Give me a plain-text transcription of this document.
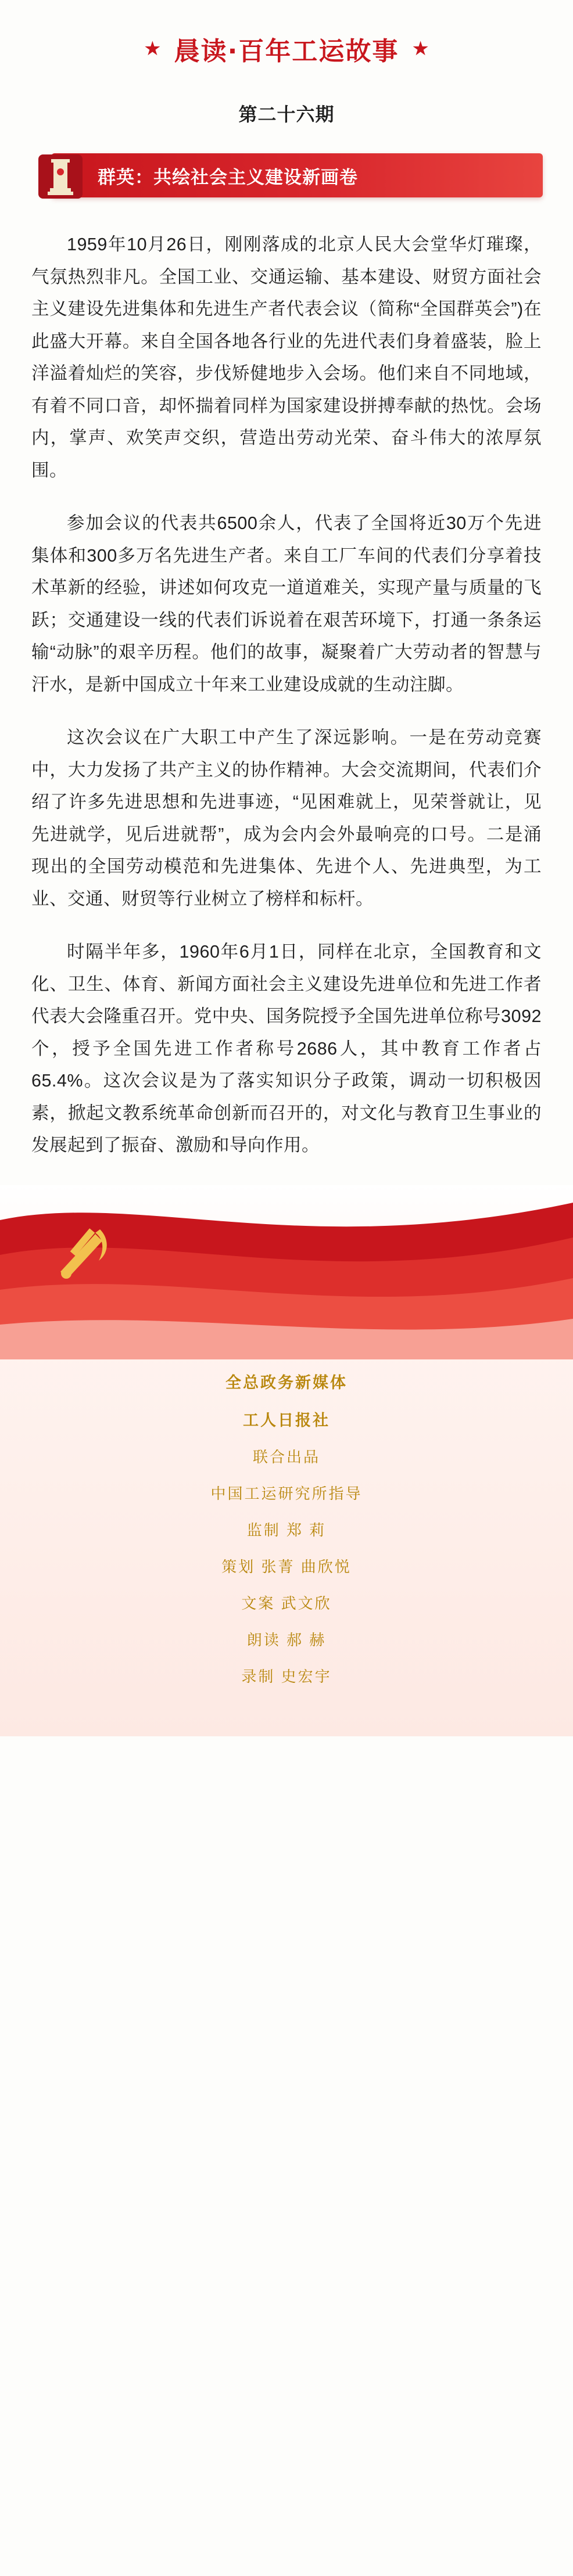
★ 晨读·百年工运故事 ★
第二十六期
群英：共绘社会主义建设新画卷

1959年10月26日，刚刚落成的北京人民大会堂华灯璀璨，气氛热烈非凡。全国工业、交通运输、基本建设、财贸方面社会主义建设先进集体和先进生产者代表会议（简称“全国群英会”)在此盛大开幕。来自全国各地各行业的先进代表们身着盛装，脸上洋溢着灿烂的笑容，步伐矫健地步入会场。他们来自不同地域，有着不同口音，却怀揣着同样为国家建设拼搏奉献的热忱。会场内，掌声、欢笑声交织，营造出劳动光荣、奋斗伟大的浓厚氛围。

参加会议的代表共6500余人，代表了全国将近30万个先进集体和300多万名先进生产者。来自工厂车间的代表们分享着技术革新的经验，讲述如何攻克一道道难关，实现产量与质量的飞跃；交通建设一线的代表们诉说着在艰苦环境下，打通一条条运输“动脉”的艰辛历程。他们的故事，凝聚着广大劳动者的智慧与汗水，是新中国成立十年来工业建设成就的生动注脚。

这次会议在广大职工中产生了深远影响。一是在劳动竞赛中，大力发扬了共产主义的协作精神。大会交流期间，代表们介绍了许多先进思想和先进事迹，“见困难就上，见荣誉就让，见先进就学，见后进就帮”，成为会内会外最响亮的口号。二是涌现出的全国劳动模范和先进集体、先进个人、先进典型，为工业、交通、财贸等行业树立了榜样和标杆。

时隔半年多，1960年6月1日，同样在北京，全国教育和文化、卫生、体育、新闻方面社会主义建设先进单位和先进工作者代表大会隆重召开。党中央、国务院授予全国先进单位称号3092个，授予全国先进工作者称号2686人，其中教育工作者占65.4%。这次会议是为了落实知识分子政策，调动一切积极因素，掀起文教系统革命创新而召开的，对文化与教育卫生事业的发展起到了振奋、激励和导向作用。

全总政务新媒体

工人日报社

联合出品

中国工运研究所指导

监制 郑 莉

策划 张菁 曲欣悦

文案 武文欣

朗读 郝 赫

录制 史宏宇
